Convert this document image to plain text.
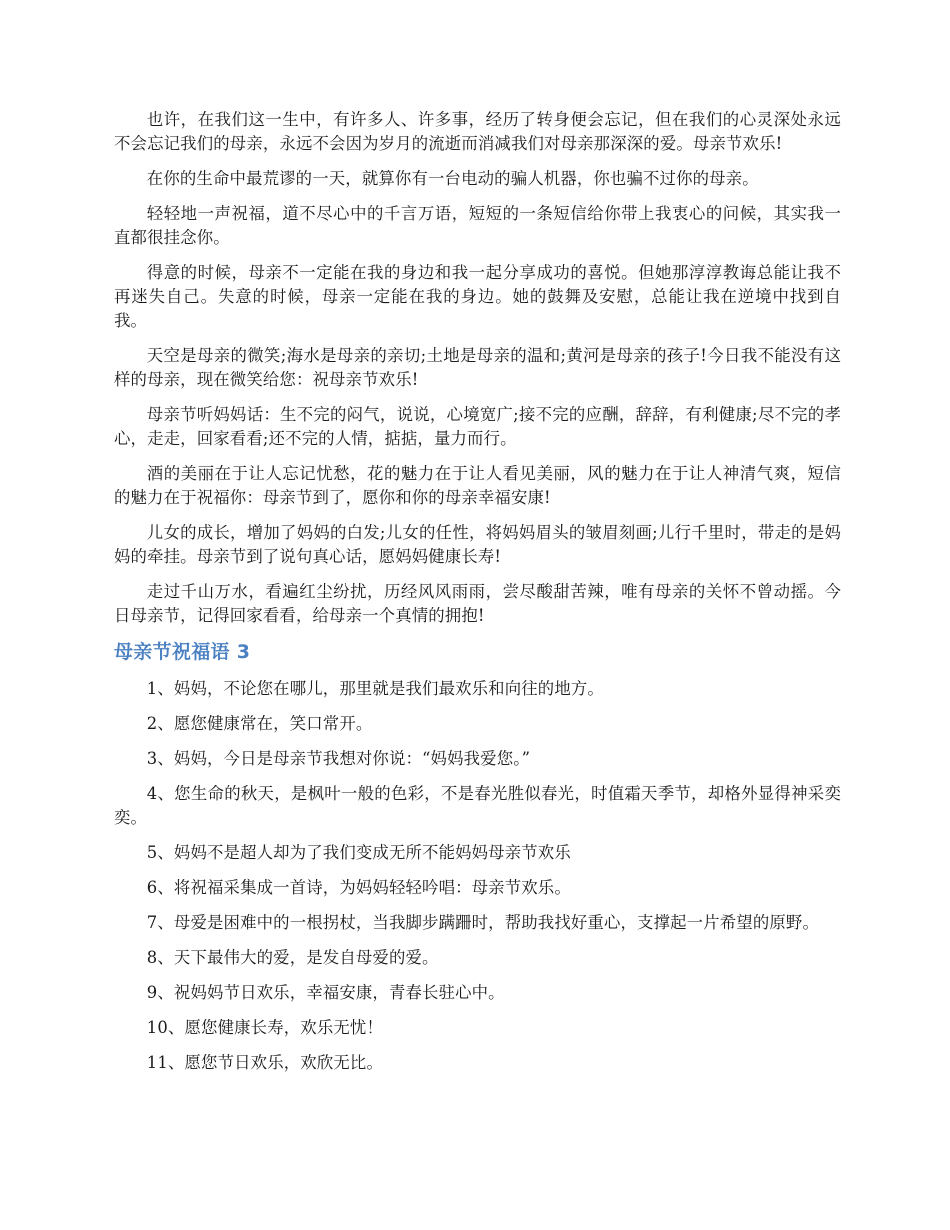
也许，在我们这一生中，有许多人、许多事，经历了转身便会忘记，但在我们的心灵深处永远不会忘记我们的母亲，永远不会因为岁月的流逝而消减我们对母亲那深深的爱。母亲节欢乐!

在你的生命中最荒谬的一天，就算你有一台电动的骗人机器，你也骗不过你的母亲。

轻轻地一声祝福，道不尽心中的千言万语，短短的一条短信给你带上我衷心的问候，其实我一直都很挂念你。

得意的时候，母亲不一定能在我的身边和我一起分享成功的喜悦。但她那淳淳教诲总能让我不再迷失自己。失意的时候，母亲一定能在我的身边。她的鼓舞及安慰，总能让我在逆境中找到自我。

天空是母亲的微笑;海水是母亲的亲切;土地是母亲的温和;黄河是母亲的孩子!今日我不能没有这样的母亲，现在微笑给您：祝母亲节欢乐!

母亲节听妈妈话：生不完的闷气，说说，心境宽广;接不完的应酬，辞辞，有利健康;尽不完的孝心，走走，回家看看;还不完的人情，掂掂，量力而行。

酒的美丽在于让人忘记忧愁，花的魅力在于让人看见美丽，风的魅力在于让人神清气爽，短信的魅力在于祝福你：母亲节到了，愿你和你的母亲幸福安康!

儿女的成长，增加了妈妈的白发;儿女的任性，将妈妈眉头的皱眉刻画;儿行千里时，带走的是妈妈的牵挂。母亲节到了说句真心话，愿妈妈健康长寿!

走过千山万水，看遍红尘纷扰，历经风风雨雨，尝尽酸甜苦辣，唯有母亲的关怀不曾动摇。今日母亲节，记得回家看看，给母亲一个真情的拥抱!

母亲节祝福语 3

1、妈妈，不论您在哪儿，那里就是我们最欢乐和向往的地方。

2、愿您健康常在，笑口常开。

3、妈妈，今日是母亲节我想对你说：“妈妈我爱您。”

4、您生命的秋天，是枫叶一般的色彩，不是春光胜似春光，时值霜天季节，却格外显得神采奕奕。

5、妈妈不是超人却为了我们变成无所不能妈妈母亲节欢乐

6、将祝福采集成一首诗，为妈妈轻轻吟唱：母亲节欢乐。

7、母爱是困难中的一根拐杖，当我脚步蹒跚时，帮助我找好重心，支撑起一片希望的原野。

8、天下最伟大的爱，是发自母爱的爱。

9、祝妈妈节日欢乐，幸福安康，青春长驻心中。

10、愿您健康长寿，欢乐无忧！

11、愿您节日欢乐，欢欣无比。
